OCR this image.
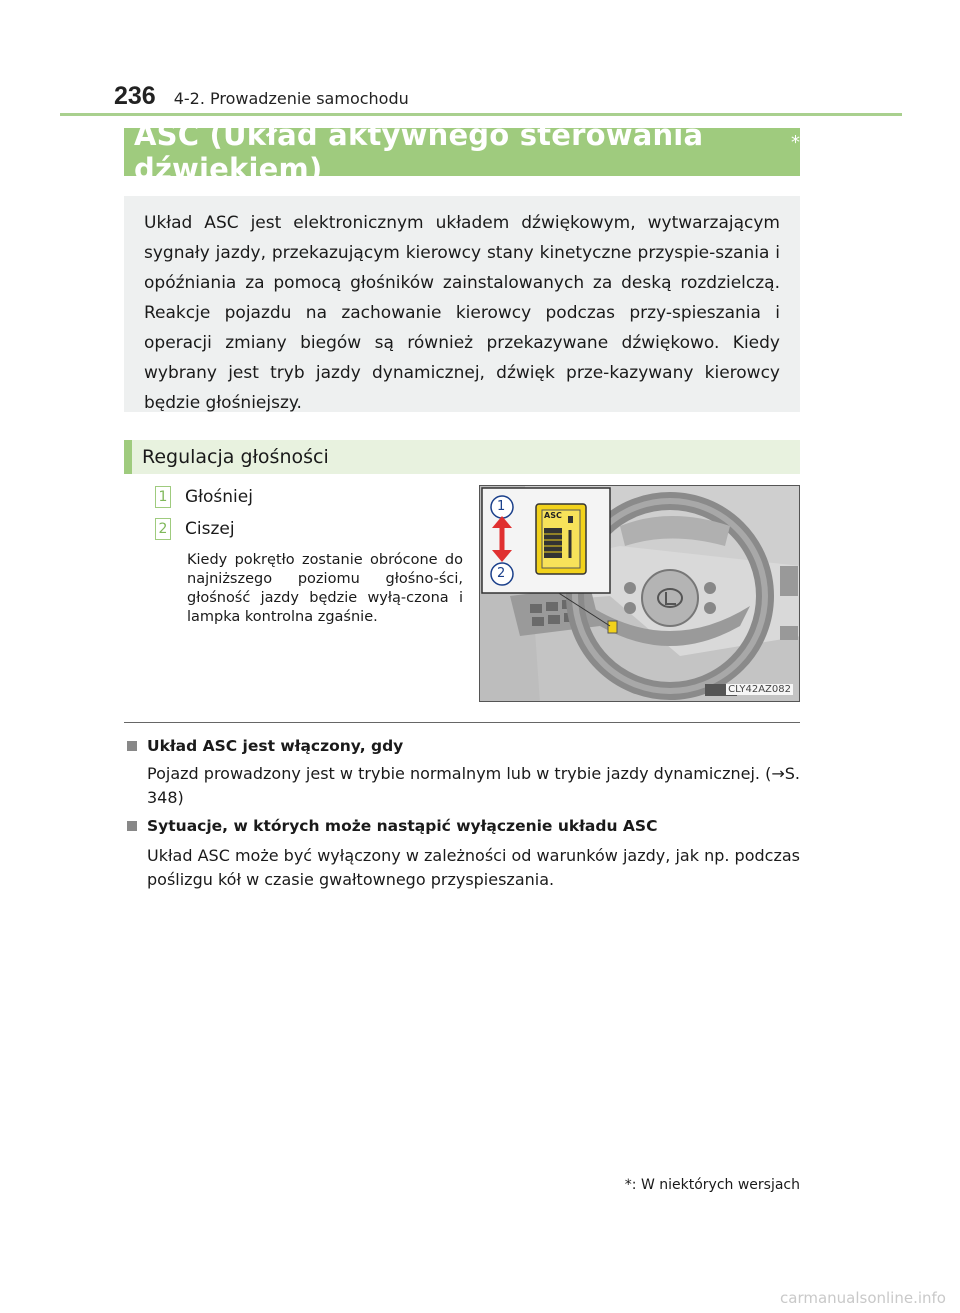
236 4-2. Prowadzenie samochodu
ASC (Układ aktywnego sterowania dźwiękiem)
*

Układ ASC jest elektronicznym układem dźwiękowym, wytwarzającym sygnały jazdy, przekazującym kierowcy stany kinetyczne przyspie-szania i opóźniania za pomocą głośników zainstalowanych za deską rozdzielczą. Reakcje pojazdu na zachowanie kierowcy podczas przy-spieszania i operacji zmiany biegów są również przekazywane dźwiękowo. Kiedy wybrany jest tryb jazdy dynamicznej, dźwięk prze-kazywany kierowcy będzie głośniejszy.

Regulacja głośności
1 Głośniej
2 Ciszej
Kiedy pokrętło zostanie obrócone do najniższego poziomu głośno-ści, głośność jazdy będzie wyłą-czona i lampka kontrolna zgaśnie.
1
2
ASC
CLY42AZ082
Układ ASC jest włączony, gdy

Pojazd prowadzony jest w trybie normalnym lub w trybie jazdy dynamicznej. (→S. 348)

Sytuacje, w których może nastąpić wyłączenie układu ASC

Układ ASC może być wyłączony w zależności od warunków jazdy, jak np. podczas poślizgu kół w czasie gwałtownego przyspieszania.

*: W niektórych wersjach
carmanualsonline.info
